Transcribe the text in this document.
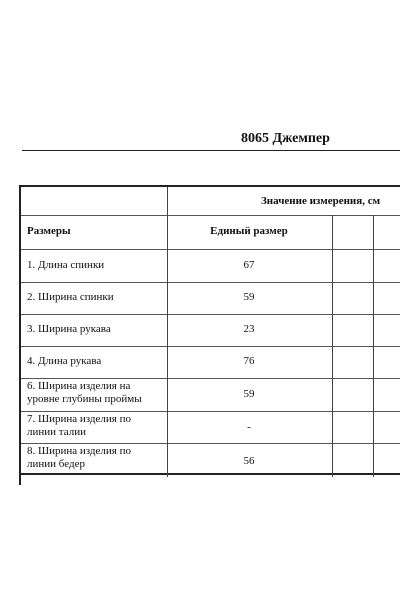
8065 Джемпер
Значение измерения, см
Размеры	Единый размер
1. Длина спинки	67
2. Ширина спинки	59
3. Ширина рукава	23
4. Длина рукава	76
6. Ширина изделия на уровне глубины проймы	59
7. Ширина изделия по линии талии	-
8. Ширина изделия по линии бедер	56
